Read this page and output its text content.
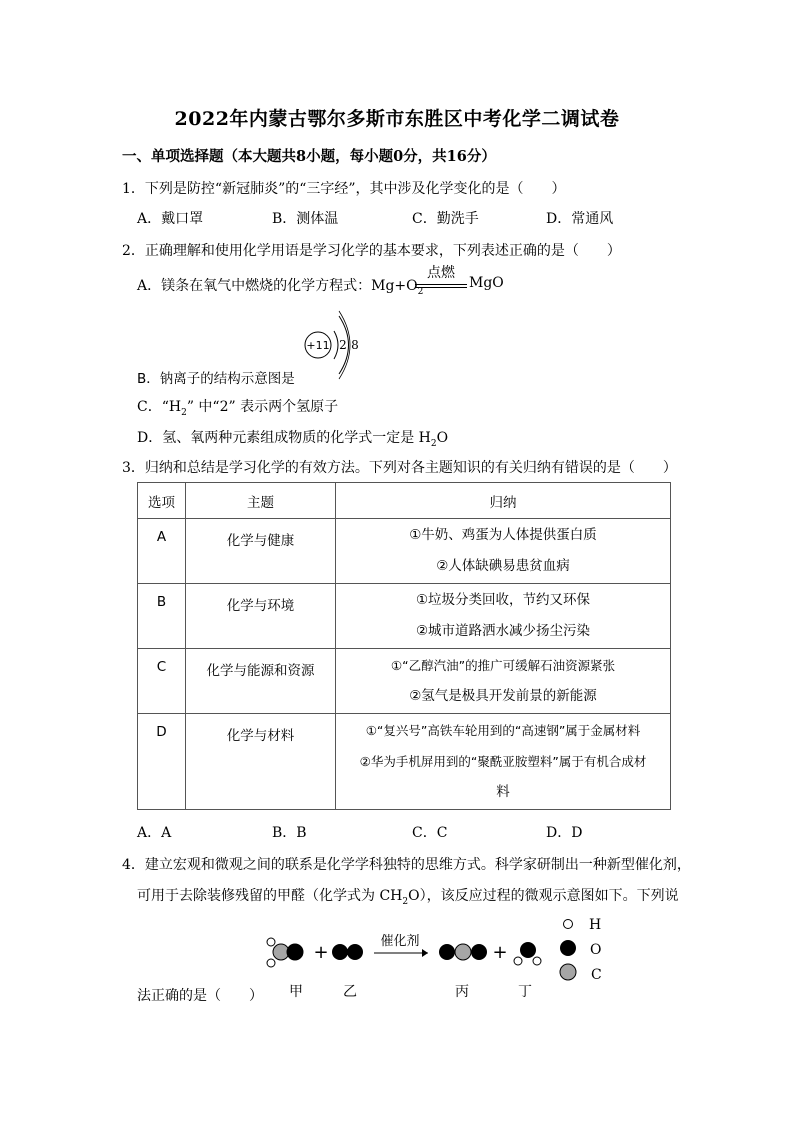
2022年内蒙古鄂尔多斯市东胜区中考化学二调试卷
一、单项选择题（本大题共8小题，每小题0分，共16分）
1．下列是防控“新冠肺炎”的“三字经”，其中涉及化学变化的是（　　）
A．戴口罩	B．测体温	C．勤洗手	D．常通风
2．正确理解和使用化学用语是学习化学的基本要求，下列表述正确的是（　　）
A．镁条在氧气中燃烧的化学方程式：$Mg+O_2$
点燃
MgO
B．钠离子的结构示意图是
+11 2 8
C．“$H_2$” 中“2” 表示两个氢原子
D．氢、氧两种元素组成物质的化学式一定是 $H_2O$
3．归纳和总结是学习化学的有效方法。下列对各主题知识的有关归纳有错误的是（　　）
选项	主题	归纳
A	化学与健康	①牛奶、鸡蛋为人体提供蛋白质
②人体缺碘易患贫血病

B	化学与环境	①垃圾分类回收，节约又环保
②城市道路洒水减少扬尘污染

C	化学与能源和资源	①“乙醇汽油”的推广可缓解石油资源紧张
②氢气是极具开发前景的新能源

D	化学与材料	①“复兴号”高铁车轮用到的“高速钢”属于金属材料
②华为手机屏用到的“聚酰亚胺塑料”属于有机合成材
料
A．A	B．B	C．C	D．D
4．建立宏观和微观之间的联系是化学学科独特的思维方式。科学家研制出一种新型催化剂，
可用于去除装修残留的甲醛（化学式为 $CH_2O$），该反应过程的微观示意图如下。下列说
法正确的是（　　）
+
催化剂
+
甲	乙	丙	丁
H
O
C
